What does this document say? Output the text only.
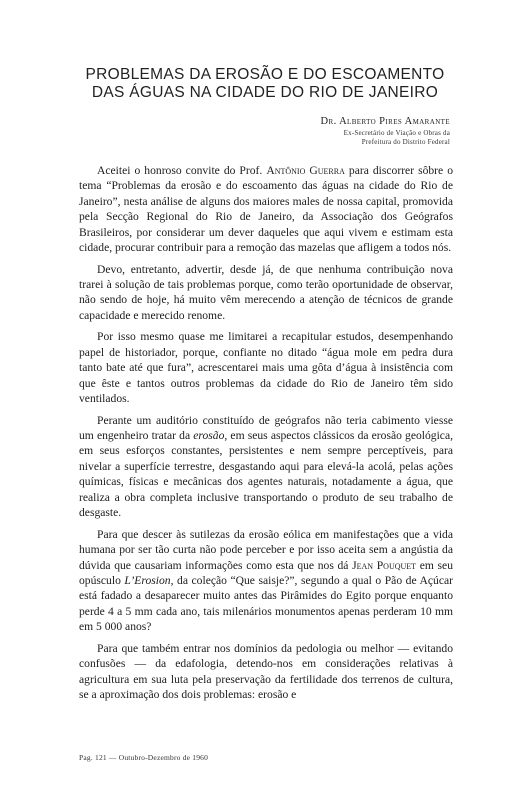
PROBLEMAS DA EROSÃO E DO ESCOAMENTO
DAS ÁGUAS NA CIDADE DO RIO DE JANEIRO
Dr. Alberto Pires Amarante
Ex-Secretário de Viação e Obras da
Prefeitura do Distrito Federal

Aceitei o honroso convite do Prof. Antônio Guerra para discorrer sôbre o tema “Problemas da erosão e do escoamento das águas na cidade do Rio de Janeiro”, nesta análise de alguns dos maiores males de nossa capital, promovida pela Secção Regional do Rio de Janeiro, da Associação dos Geógrafos Brasileiros, por considerar um dever daqueles que aqui vivem e estimam esta cidade, procurar contribuir para a remoção das mazelas que afligem a todos nós.

Devo, entretanto, advertir, desde já, de que nenhuma contribuição nova trarei à solução de tais problemas porque, como terão oportunidade de observar, não sendo de hoje, há muito vêm merecendo a atenção de técnicos de grande capacidade e merecido renome.

Por isso mesmo quase me limitarei a recapitular estudos, desempenhando papel de historiador, porque, confiante no ditado “água mole em pedra dura tanto bate até que fura”, acrescentarei mais uma gôta d’água à insistência com que êste e tantos outros problemas da cidade do Rio de Janeiro têm sido ventilados.

Perante um auditório constituído de geógrafos não teria cabimento viesse um engenheiro tratar da erosão, em seus aspectos clássicos da erosão geológica, em seus esforços constantes, persistentes e nem sempre perceptíveis, para nivelar a superfície terrestre, desgastando aqui para elevá-la acolá, pelas ações químicas, físicas e mecânicas dos agentes naturais, notadamente a água, que realiza a obra completa inclusive transportando o produto de seu trabalho de desgaste.

Para que descer às sutilezas da erosão eólica em manifestações que a vida humana por ser tão curta não pode perceber e por isso aceita sem a angústia da dúvida que causariam informações como esta que nos dá Jean Pouquet em seu opúsculo L’Erosion, da coleção “Que saisje?”, segundo a qual o Pão de Açúcar está fadado a desaparecer muito antes das Pirâmides do Egito porque enquanto perde 4 a 5 mm cada ano, tais milenários monumentos apenas perderam 10 mm em 5 000 anos?

Para que também entrar nos domínios da pedologia ou melhor — evitando confusões — da edafologia, detendo-nos em considerações relativas à agricultura em sua luta pela preservação da fertilidade dos terrenos de cultura, se a aproximação dos dois problemas: erosão e

Pag. 121 — Outubro-Dezembro de 1960
